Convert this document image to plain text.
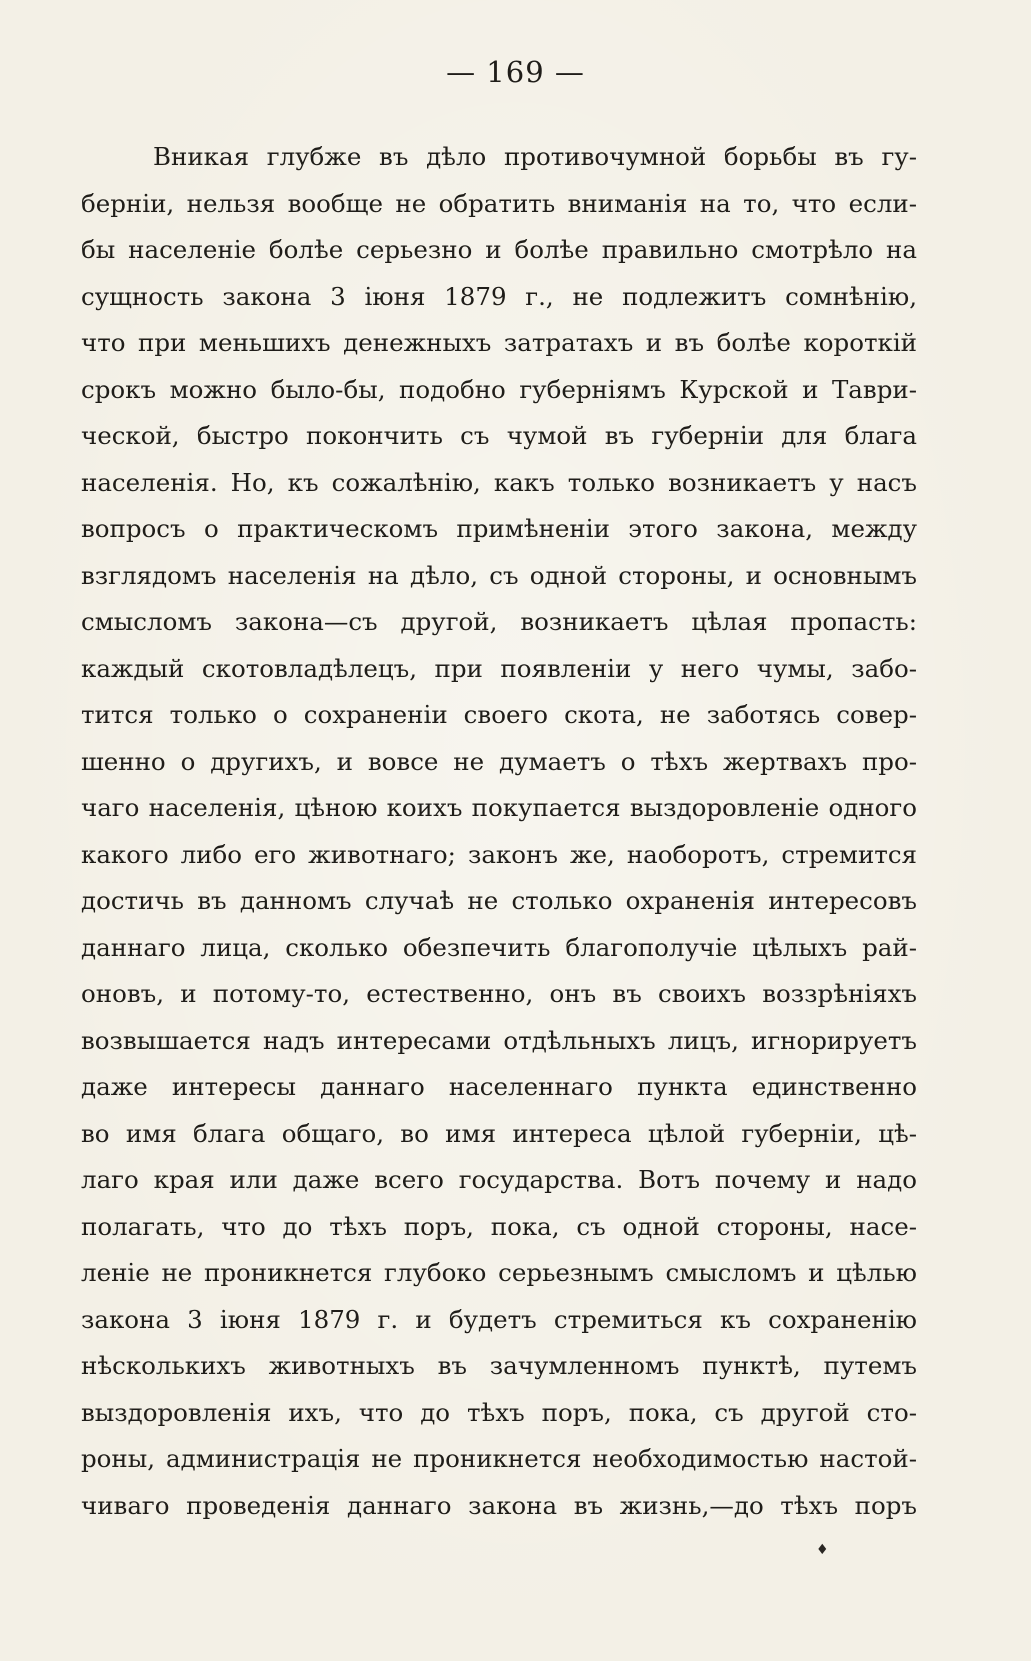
— 169 —
Вникая глубже въ дѣло противочумной борьбы въ гу-
берніи, нельзя вообще не обратить вниманія на то, что если-
бы населеніе болѣе серьезно и болѣе правильно смотрѣло на
сущность закона 3 іюня 1879 г., не подлежитъ сомнѣнію,
что при меньшихъ денежныхъ затратахъ и въ болѣе короткій
срокъ можно было-бы, подобно губерніямъ Курской и Таври-
ческой, быстро покончить съ чумой въ губерніи для блага
населенія. Но, къ сожалѣнію, какъ только возникаетъ у насъ
вопросъ о практическомъ примѣненіи этого закона, между
взглядомъ населенія на дѣло, съ одной стороны, и основнымъ
смысломъ закона—съ другой, возникаетъ цѣлая пропасть:
каждый скотовладѣлецъ, при появленіи у него чумы, забо-
тится только о сохраненіи своего скота, не заботясь совер-
шенно о другихъ, и вовсе не думаетъ о тѣхъ жертвахъ про-
чаго населенія, цѣною коихъ покупается выздоровленіе одного
какого либо его животнаго; законъ же, наоборотъ, стремится
достичь въ данномъ случаѣ не столько охраненія интересовъ
даннаго лица, сколько обезпечить благополучіе цѣлыхъ рай-
оновъ, и потому-то, естественно, онъ въ своихъ воззрѣніяхъ
возвышается надъ интересами отдѣльныхъ лицъ, игнорируетъ
даже интересы даннаго населеннаго пункта единственно
во имя блага общаго, во имя интереса цѣлой губерніи, цѣ-
лаго края или даже всего государства. Вотъ почему и надо
полагать, что до тѣхъ поръ, пока, съ одной стороны, насе-
леніе не проникнется глубоко серьезнымъ смысломъ и цѣлью
закона 3 іюня 1879 г. и будетъ стремиться къ сохраненію
нѣсколькихъ животныхъ въ зачумленномъ пунктѣ, путемъ
выздоровленія ихъ, что до тѣхъ поръ, пока, съ другой сто-
роны, администрація не проникнется необходимостью настой-
чиваго проведенія даннаго закона въ жизнь,—до тѣхъ поръ
♦
